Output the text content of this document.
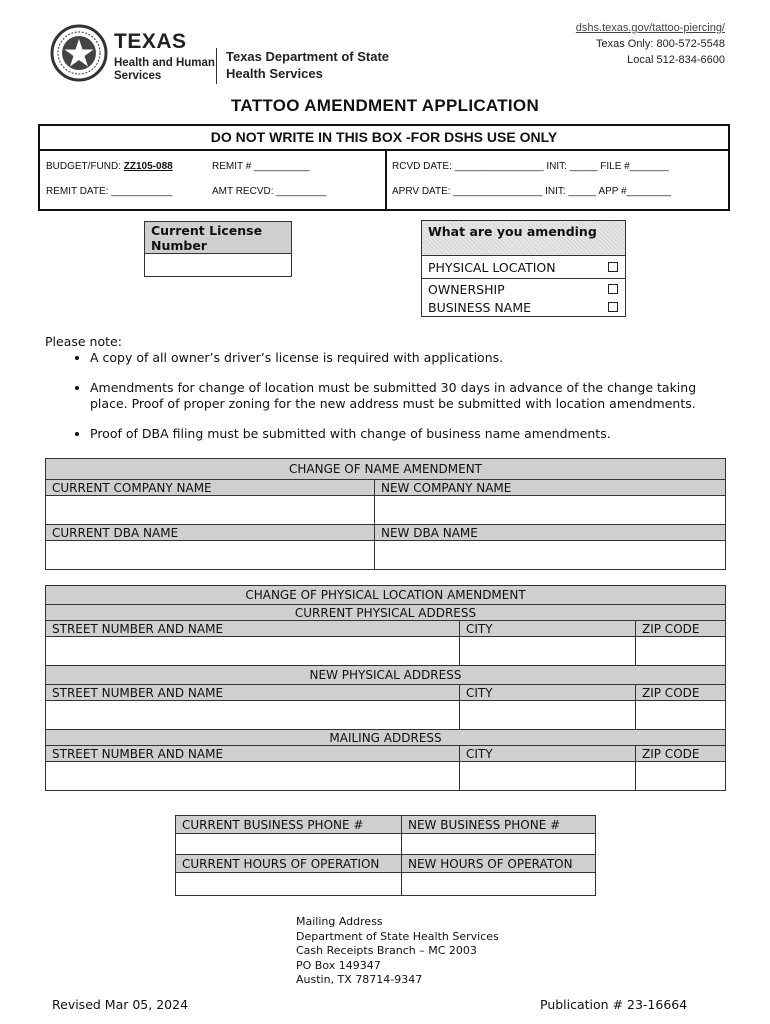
TEXAS
Health and Human
Services
Texas Department of State
Health Services
dshs.texas.gov/tattoo-piercing/
Texas Only: 800-572-5548
Local 512-834-6600
TATTOO AMENDMENT APPLICATION
DO NOT WRITE IN THIS BOX -FOR DSHS USE ONLY
BUDGET/FUND: ZZ105-088	REMIT # __________	RCVD DATE: ________________ INIT: _____ FILE #_______
REMIT DATE: ___________	AMT RECVD: _________	APRV DATE: ________________ INIT: _____ APP #________
Current License Number

What are you amending	
PHYSICAL LOCATION	
OWNERSHIP	
BUSINESS NAME	
Please note:
• A copy of all owner’s driver’s license is required with applications.
• Amendments for change of location must be submitted 30 days in advance of the change taking place. Proof of proper zoning for the new address must be submitted with location amendments.
• Proof of DBA filing must be submitted with change of business name amendments.
CHANGE OF NAME AMENDMENT	
CURRENT COMPANY NAME	NEW COMPANY NAME

CURRENT DBA NAME	NEW DBA NAME

CHANGE OF PHYSICAL LOCATION AMENDMENT		
CURRENT PHYSICAL ADDRESS		
STREET NUMBER AND NAME	CITY	ZIP CODE

NEW PHYSICAL ADDRESS		
STREET NUMBER AND NAME	CITY	ZIP CODE

MAILING ADDRESS		
STREET NUMBER AND NAME	CITY	ZIP CODE

CURRENT BUSINESS PHONE #	NEW BUSINESS PHONE #

CURRENT HOURS OF OPERATION	NEW HOURS OF OPERATON

Mailing Address
Department of State Health Services
Cash Receipts Branch – MC 2003
PO Box 149347
Austin, TX 78714-9347
Revised Mar 05, 2024	Publication # 23-16664
